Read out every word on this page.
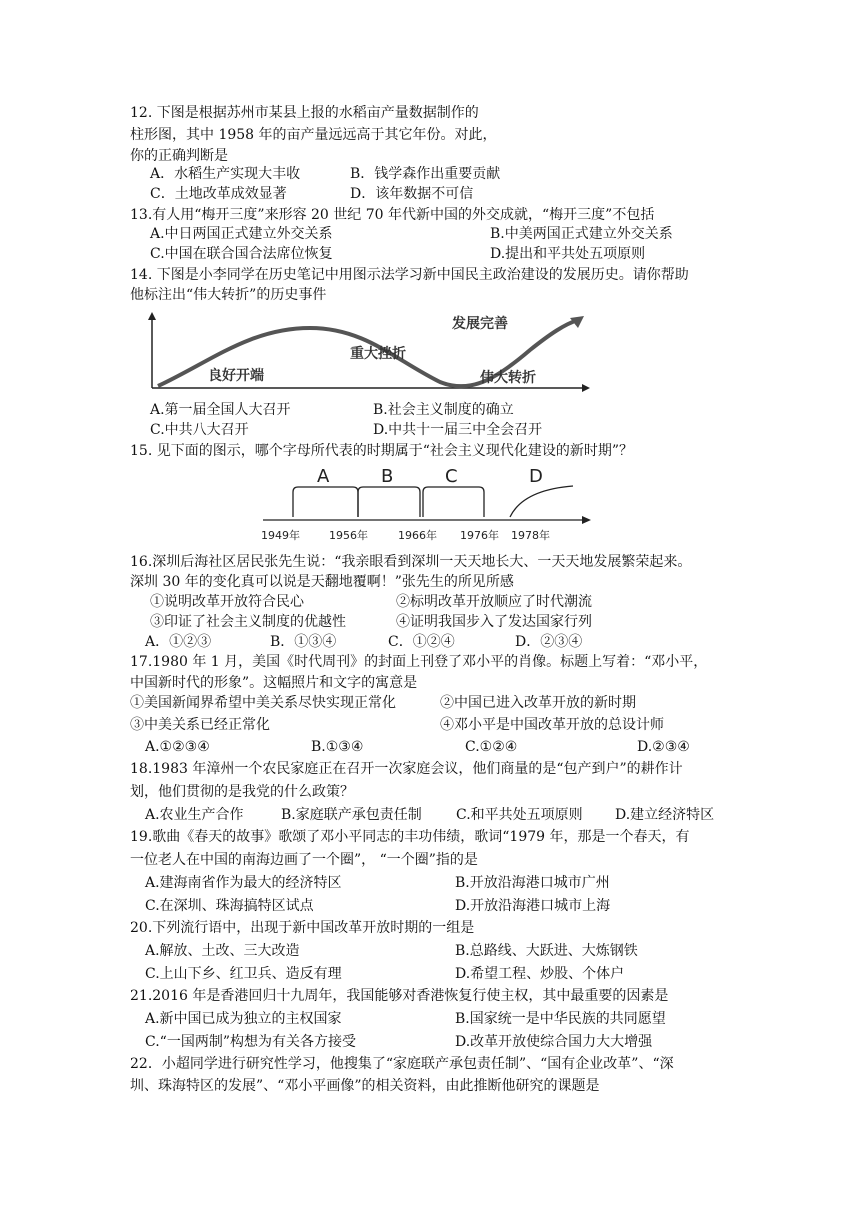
12. 下图是根据苏州市某县上报的水稻亩产量数据制作的
柱形图，其中 1958 年的亩产量远远高于其它年份。对此，
你的正确判断是
A．水稻生产实现大丰收	B．钱学森作出重要贡献
C．土地改革成效显著	D．该年数据不可信
13.有人用“梅开三度”来形容 20 世纪 70 年代新中国的外交成就，“梅开三度”不包括
A.中日两国正式建立外交关系	B.中美两国正式建立外交关系
C.中国在联合国合法席位恢复	D.提出和平共处五项原则
14. 下图是小李同学在历史笔记中用图示法学习新中国民主政治建设的发展历史。请你帮助
他标注出“伟大转折”的历史事件
良好开端
重大挫折
伟大转折
发展完善
A.第一届全国人大召开	B.社会主义制度的确立
C.中共八大召开	D.中共十一届三中全会召开
15. 见下面的图示，哪个字母所代表的时期属于“社会主义现代化建设的新时期”？
A	B	C	D
1949年	1956年	1966年 1976年 1978年
16.深圳后海社区居民张先生说：“我亲眼看到深圳一天天地长大、一天天地发展繁荣起来。
深圳 30 年的变化真可以说是天翻地覆啊！”张先生的所见所感
①说明改革开放符合民心	②标明改革开放顺应了时代潮流
③印证了社会主义制度的优越性	④证明我国步入了发达国家行列
A．①②③	B．①③④	C．①②④	D．②③④
17.1980 年 1 月，美国《时代周刊》的封面上刊登了邓小平的肖像。标题上写着：“邓小平，
中国新时代的形象”。这幅照片和文字的寓意是
①美国新闻界希望中美关系尽快实现正常化	②中国已进入改革开放的新时期
③中美关系已经正常化	④邓小平是中国改革开放的总设计师
A.①②③④	B.①③④	C.①②④	D.②③④
18.1983 年漳州一个农民家庭正在召开一次家庭会议，他们商量的是“包产到户”的耕作计
划，他们贯彻的是我党的什么政策？
A.农业生产合作	B.家庭联产承包责任制 C.和平共处五项原则 D.建立经济特区
19.歌曲《春天的故事》歌颂了邓小平同志的丰功伟绩，歌词“1979 年，那是一个春天，有
一位老人在中国的南海边画了一个圈”， “一个圈”指的是
A.建海南省作为最大的经济特区	B.开放沿海港口城市广州
C.在深圳、珠海搞特区试点	D.开放沿海港口城市上海
20.下列流行语中，出现于新中国改革开放时期的一组是
A.解放、土改、三大改造	B.总路线、大跃进、大炼钢铁
C.上山下乡、红卫兵、造反有理	D.希望工程、炒股、个体户
21.2016 年是香港回归十九周年，我国能够对香港恢复行使主权，其中最重要的因素是
A.新中国已成为独立的主权国家	B.国家统一是中华民族的共同愿望
C.“一国两制”构想为有关各方接受	D.改革开放使综合国力大大增强
22．小超同学进行研究性学习，他搜集了“家庭联产承包责任制”、“国有企业改革”、“深
圳、珠海特区的发展”、“邓小平画像”的相关资料，由此推断他研究的课题是
